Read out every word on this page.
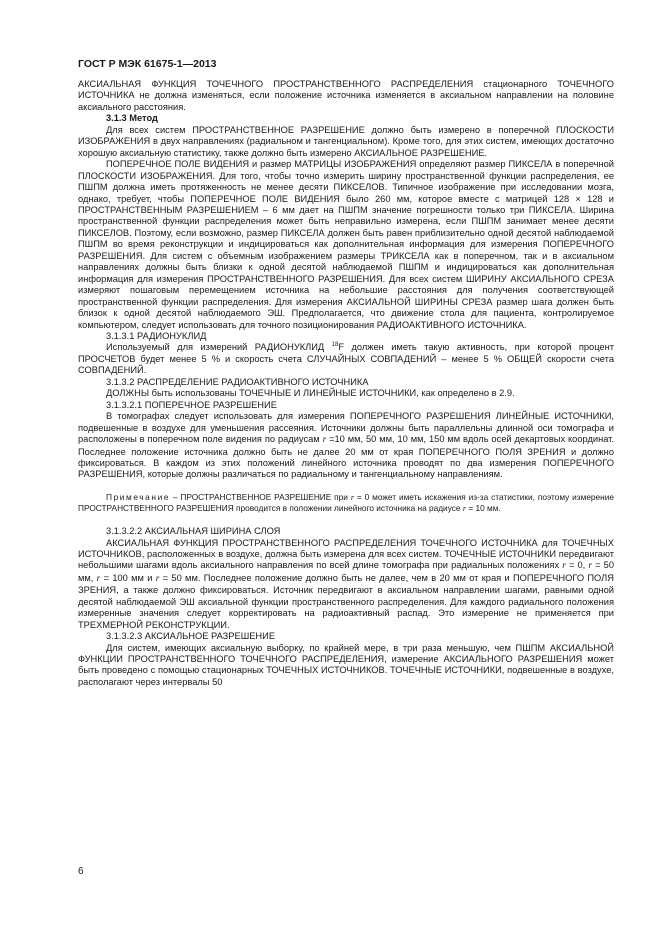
ГОСТ Р МЭК 61675-1—2013

АКСИАЛЬНАЯ ФУНКЦИЯ ТОЧЕЧНОГО ПРОСТРАНСТВЕННОГО РАСПРЕДЕЛЕНИЯ стационарного ТОЧЕЧНОГО ИСТОЧНИКА не должна изменяться, если положение источника изменяется в аксиальном направлении на половине аксиального расстояния.

3.1.3 Метод

Для всех систем ПРОСТРАНСТВЕННОЕ РАЗРЕШЕНИЕ должно быть измерено в поперечной ПЛОСКОСТИ ИЗОБРАЖЕНИЯ в двух направлениях (радиальном и тангенциальном). Кроме того, для этих систем, имеющих достаточно хорошую аксиальную статистику, также должно быть измерено АКСИАЛЬНОЕ РАЗРЕШЕНИЕ.

ПОПЕРЕЧНОЕ ПОЛЕ ВИДЕНИЯ и размер МАТРИЦЫ ИЗОБРАЖЕНИЯ определяют размер ПИКСЕЛА в поперечной ПЛОСКОСТИ ИЗОБРАЖЕНИЯ. Для того, чтобы точно измерить ширину пространственной функции распределения, ее ПШПМ должна иметь протяженность не менее десяти ПИКСЕЛОВ. Типичное изображение при исследовании мозга, однако, требует, чтобы ПОПЕРЕЧНОЕ ПОЛЕ ВИДЕНИЯ было 260 мм, которое вместе с матрицей 128 × 128 и ПРОСТРАНСТВЕННЫМ РАЗРЕШЕНИЕМ – 6 мм дает на ПШПМ значение погрешности только три ПИКСЕЛА. Ширина пространственной функции распределения может быть неправильно измерена, если ПШПМ занимает менее десяти ПИКСЕЛОВ. Поэтому, если возможно, размер ПИКСЕЛА должен быть равен приблизительно одной десятой наблюдаемой ПШПМ во время реконструкции и индицироваться как дополнительная информация для измерения ПОПЕРЕЧНОГО РАЗРЕШЕНИЯ. Для систем с объемным изображением размеры ТРИКСЕЛА как в поперечном, так и в аксиальном направлениях должны быть близки к одной десятой наблюдаемой ПШПМ и индицироваться как дополнительная информация для измерения ПРОСТРАНСТВЕННОГО РАЗРЕШЕНИЯ. Для всех систем ШИРИНУ АКСИАЛЬНОГО СРЕЗА измеряют пошаговым перемещением источника на небольшие расстояния для получения соответствующей пространственной функции распределения. Для измерения АКСИАЛЬНОЙ ШИРИНЫ СРЕЗА размер шага должен быть близок к одной десятой наблюдаемого ЭШ. Предполагается, что движение стола для пациента, контролируемое компьютером, следует использовать для точного позиционирования РАДИОАКТИВНОГО ИСТОЧНИКА.

3.1.3.1 РАДИОНУКЛИД

Используемый для измерений РАДИОНУКЛИД $^{18}$F должен иметь такую активность, при которой процент ПРОСЧЕТОВ будет менее 5 % и скорость счета СЛУЧАЙНЫХ СОВПАДЕНИЙ – менее 5 % ОБЩЕЙ скорости счета СОВПАДЕНИЙ.

3.1.3.2 РАСПРЕДЕЛЕНИЕ РАДИОАКТИВНОГО ИСТОЧНИКА

ДОЛЖНЫ быть использованы ТОЧЕЧНЫЕ И ЛИНЕЙНЫЕ ИСТОЧНИКИ, как определено в 2.9.

3.1.3.2.1 ПОПЕРЕЧНОЕ РАЗРЕШЕНИЕ

В томографах следует использовать для измерения ПОПЕРЕЧНОГО РАЗРЕШЕНИЯ ЛИНЕЙНЫЕ ИСТОЧНИКИ, подвешенные в воздухе для уменьшения рассеяния. Источники должны быть параллельны длинной оси томографа и расположены в поперечном поле видения по радиусам r =10 мм, 50 мм, 10 мм, 150 мм вдоль осей декартовых координат. Последнее положение источника должно быть не далее 20 мм от края ПОПЕРЕЧНОГО ПОЛЯ ЗРЕНИЯ и должно фиксироваться. В каждом из этих положений линейного источника проводят по два измерения ПОПЕРЕЧНОГО РАЗРЕШЕНИЯ, которые должны различаться по радиальному и тангенциальному направлениям.

Примечание – ПРОСТРАНСТВЕННОЕ РАЗРЕШЕНИЕ при r = 0 может иметь искажения из-за статистики, поэтому измерение ПРОСТРАНСТВЕННОГО РАЗРЕШЕНИЯ проводится в положении линейного источника на радиусе r = 10 мм.

3.1.3.2.2 АКСИАЛЬНАЯ ШИРИНА СЛОЯ

АКСИАЛЬНАЯ ФУНКЦИЯ ПРОСТРАНСТВЕННОГО РАСПРЕДЕЛЕНИЯ ТОЧЕЧНОГО ИСТОЧНИКА для ТОЧЕЧНЫХ ИСТОЧНИКОВ, расположенных в воздухе, должна быть измерена для всех систем. ТОЧЕЧНЫЕ ИСТОЧНИКИ передвигают небольшими шагами вдоль аксиального направления по всей длине томографа при радиальных положениях r = 0, r = 50 мм, r = 100 мм и r = 50 мм. Последнее положение должно быть не далее, чем в 20 мм от края и ПОПЕРЕЧНОГО ПОЛЯ ЗРЕНИЯ, а также должно фиксироваться. Источник передвигают в аксиальном направлении шагами, равными одной десятой наблюдаемой ЭШ аксиальной функции пространственного распределения. Для каждого радиального положения измеренные значения следует корректировать на радиоактивный распад. Это измерение не применяется при ТРЕХМЕРНОЙ РЕКОНСТРУКЦИИ.

3.1.3.2.3 АКСИАЛЬНОЕ РАЗРЕШЕНИЕ

Для систем, имеющих аксиальную выборку, по крайней мере, в три раза меньшую, чем ПШПМ АКСИАЛЬНОЙ ФУНКЦИИ ПРОСТРАНСТВЕННОГО ТОЧЕЧНОГО РАСПРЕДЕЛЕНИЯ, измерение АКСИАЛЬНОГО РАЗРЕШЕНИЯ может быть проведено с помощью стационарных ТОЧЕЧНЫХ ИСТОЧНИКОВ. ТОЧЕЧНЫЕ ИСТОЧНИКИ, подвешенные в воздухе, располагают через интервалы 50

6
